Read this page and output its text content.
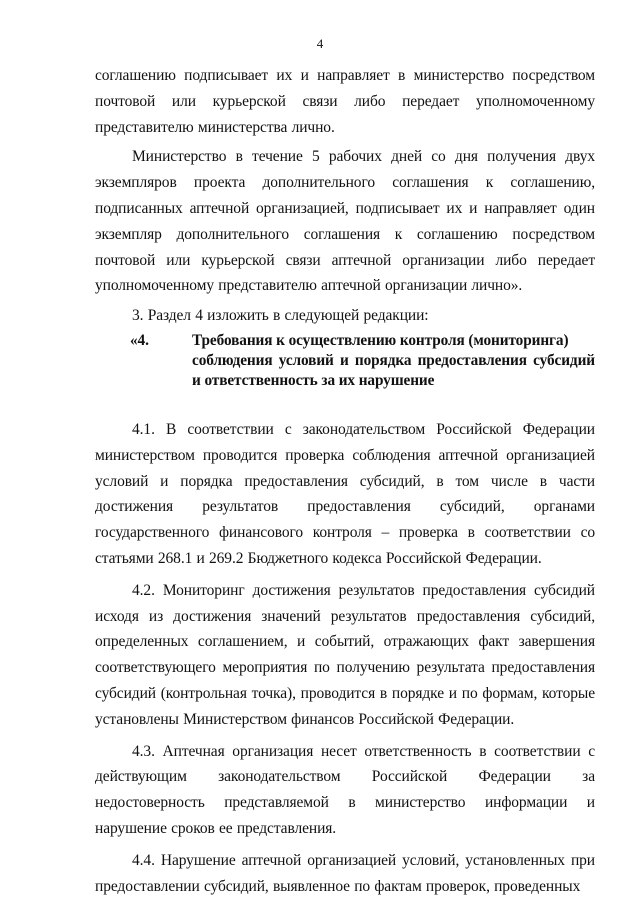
4

соглашению подписывает их и направляет в министерство посредством почтовой или курьерской связи либо передает уполномоченному представителю министерства лично.

Министерство в течение 5 рабочих дней со дня получения двух экземпляров проекта дополнительного соглашения к соглашению, подписанных аптечной организацией, подписывает их и направляет один экземпляр дополнительного соглашения к соглашению посредством почтовой или курьерской связи аптечной организации либо передает уполномоченному представителю аптечной организации лично».

3. Раздел 4 изложить в следующей редакции:

«4.	Требования к осуществлению контроля (мониторинга)
соблюдения условий и порядка предоставления субсидий и ответственность за их нарушение

4.1. В соответствии с законодательством Российской Федерации министерством проводится проверка соблюдения аптечной организацией условий и порядка предоставления субсидий, в том числе в части достижения результатов предоставления субсидий, органами государственного финансового контроля – проверка в соответствии со статьями 268.1 и 269.2 Бюджетного кодекса Российской Федерации.

4.2. Мониторинг достижения результатов предоставления субсидий исходя из достижения значений результатов предоставления субсидий, определенных соглашением, и событий, отражающих факт завершения соответствующего мероприятия по получению результата предоставления субсидий (контрольная точка), проводится в порядке и по формам, которые установлены Министерством финансов Российской Федерации.

4.3. Аптечная организация несет ответственность в соответствии с действующим законодательством Российской Федерации за недостоверность представляемой в министерство информации и нарушение сроков ее представления.

4.4. Нарушение аптечной организацией условий, установленных при предоставлении субсидий, выявленное по фактам проверок, проведенных
